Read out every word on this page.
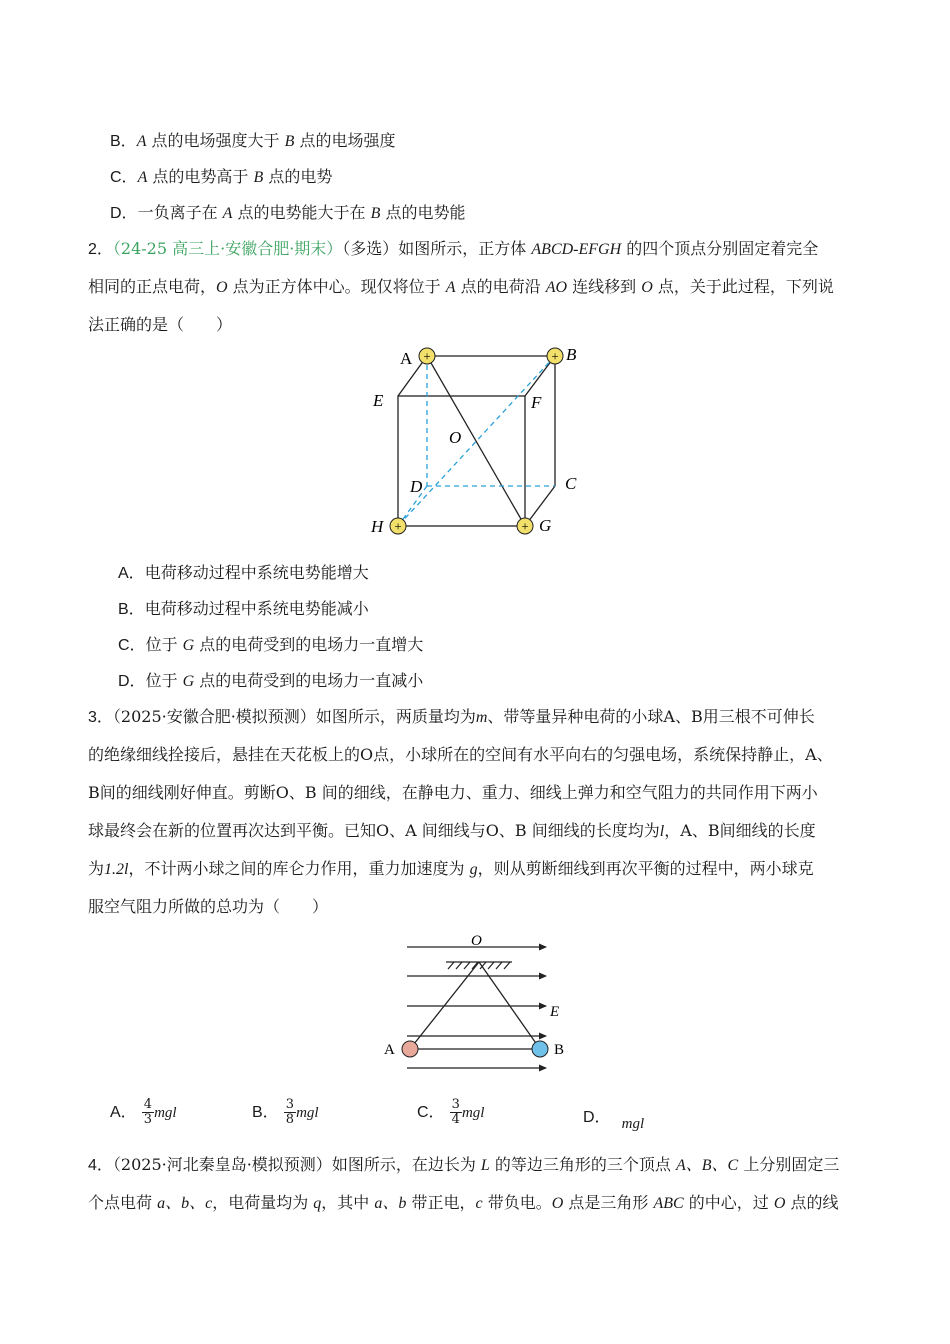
B．A 点的电场强度大于 B 点的电场强度
C．A 点的电势高于 B 点的电势
D．一负离子在 A 点的电势能大于在 B 点的电势能
2．（24-25 高三上·安徽合肥·期末）（多选）如图所示，正方体 ABCD-EFGH 的四个顶点分别固定着完全
相同的正点电荷，O 点为正方体中心。现仅将位于 A 点的电荷沿 AO 连线移到 O 点，关于此过程，下列说
法正确的是（　　）
+	+
+	+
A	B
E	F
O
D	C
H	G
A．电荷移动过程中系统电势能增大
B．电荷移动过程中系统电势能减小
C．位于 G 点的电荷受到的电场力一直增大
D．位于 G 点的电荷受到的电场力一直减小
3．（2025·安徽合肥·模拟预测）如图所示，两质量均为m、带等量异种电荷的小球A、B用三根不可伸长
的绝缘细线拴接后，悬挂在天花板上的O点，小球所在的空间有水平向右的匀强电场，系统保持静止，A、
B间的细线刚好伸直。剪断O、B 间的细线，在静电力、重力、细线上弹力和空气阻力的共同作用下两小
球最终会在新的位置再次达到平衡。已知O、A 间细线与O、B 间细线的长度均为l，A、B间细线的长度
为1.2l，不计两小球之间的库仑力作用，重力加速度为 g，则从剪断细线到再次平衡的过程中，两小球克
服空气阻力所做的总功为（　　）
O
E
A	B
A． $\frac{4}{3}$ mgl	B． $\frac{3}{8}$ mgl	C． $\frac{3}{4}$ mgl	D． mgl
4．（2025·河北秦皇岛·模拟预测）如图所示，在边长为 L 的等边三角形的三个顶点 A、B、C 上分别固定三
个点电荷 a、b、c，电荷量均为 q，其中 a、b 带正电，c 带负电。O 点是三角形 ABC 的中心，过 O 点的线
